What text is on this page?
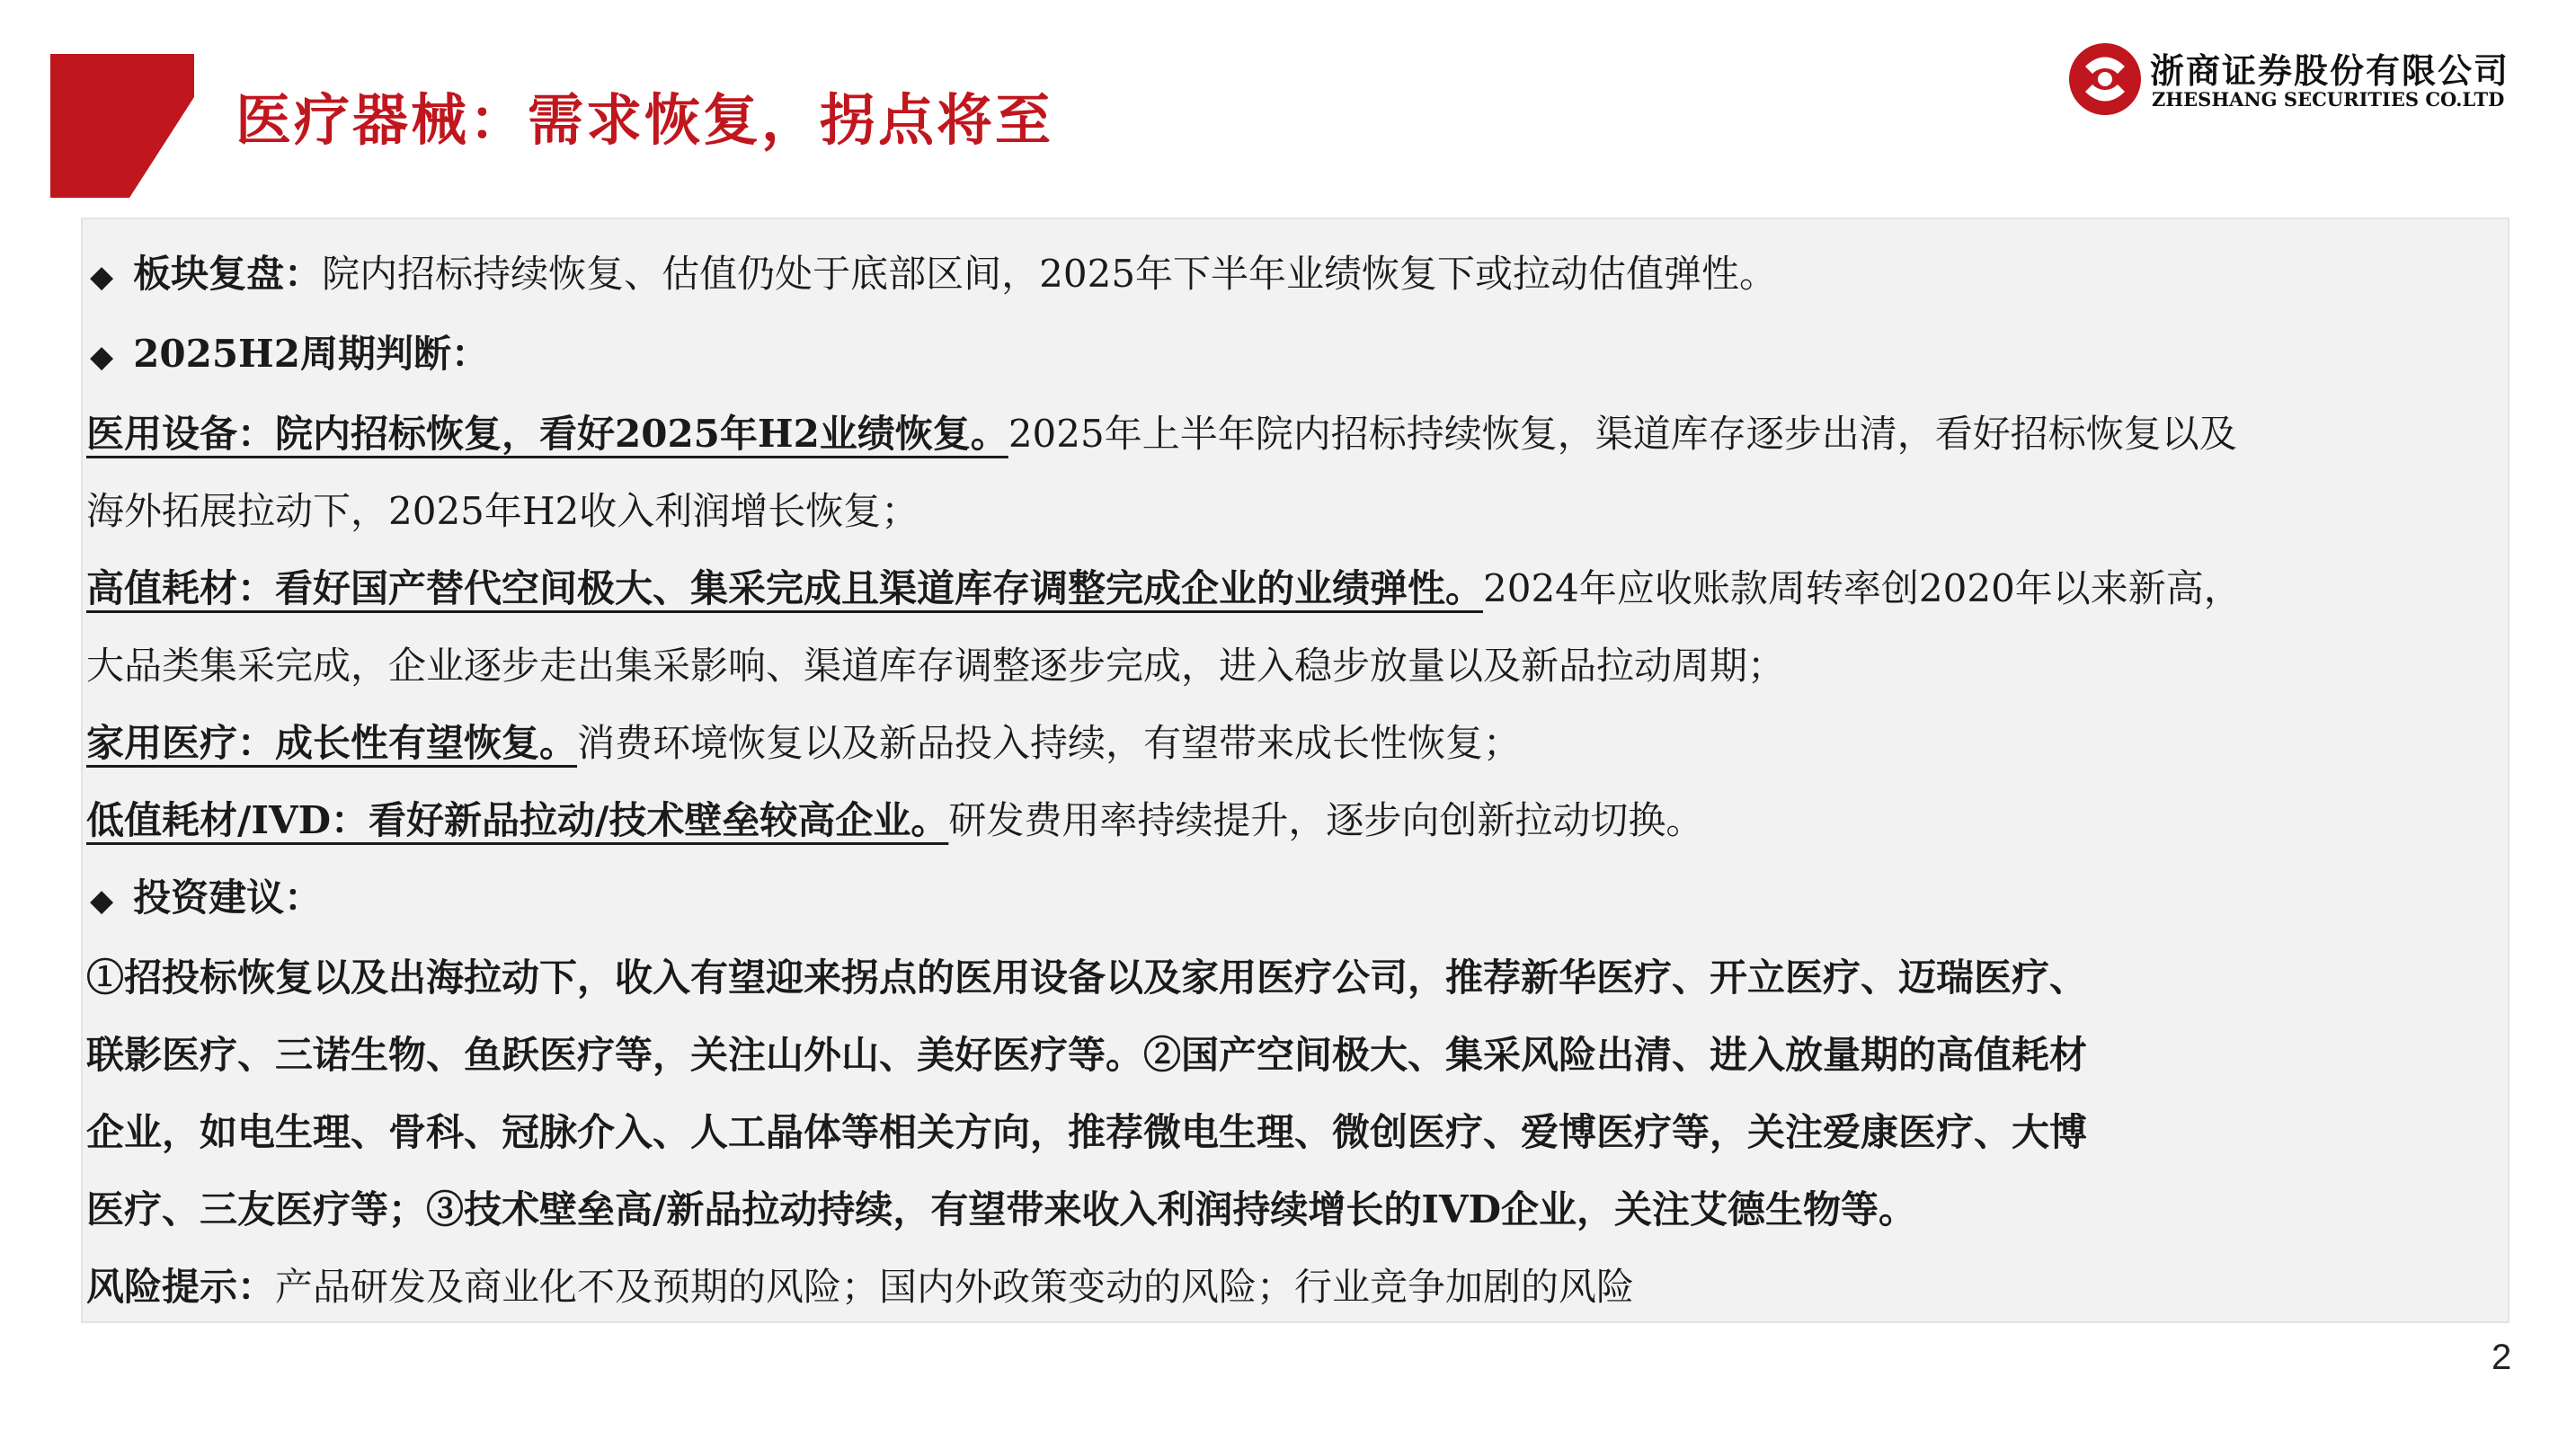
医疗器械：需求恢复，拐点将至
浙商证券股份有限公司
ZHESHANG SECURITIES CO.LTD

◆ 板块复盘：院内招标持续恢复、估值仍处于底部区间，2025年下半年业绩恢复下或拉动估值弹性。

◆ 2025H2周期判断：

医用设备：院内招标恢复，看好2025年H2业绩恢复。2025年上半年院内招标持续恢复，渠道库存逐步出清，看好招标恢复以及

海外拓展拉动下，2025年H2收入利润增长恢复；

高值耗材：看好国产替代空间极大、集采完成且渠道库存调整完成企业的业绩弹性。2024年应收账款周转率创2020年以来新高，

大品类集采完成，企业逐步走出集采影响、渠道库存调整逐步完成，进入稳步放量以及新品拉动周期；

家用医疗：成长性有望恢复。消费环境恢复以及新品投入持续，有望带来成长性恢复；

低值耗材/IVD：看好新品拉动/技术壁垒较高企业。研发费用率持续提升，逐步向创新拉动切换。

◆ 投资建议：

①招投标恢复以及出海拉动下，收入有望迎来拐点的医用设备以及家用医疗公司，推荐新华医疗、开立医疗、迈瑞医疗、

联影医疗、三诺生物、鱼跃医疗等，关注山外山、美好医疗等。②国产空间极大、集采风险出清、进入放量期的高值耗材

企业，如电生理、骨科、冠脉介入、人工晶体等相关方向，推荐微电生理、微创医疗、爱博医疗等，关注爱康医疗、大博

医疗、三友医疗等；③技术壁垒高/新品拉动持续，有望带来收入利润持续增长的IVD企业，关注艾德生物等。

风险提示：产品研发及商业化不及预期的风险；国内外政策变动的风险；行业竞争加剧的风险

2
